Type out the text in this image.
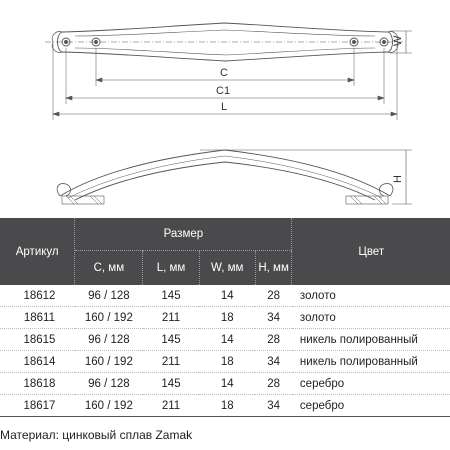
W
C
C1
L
H
Артикул	Размер				Цвет
	C, мм	L, мм	W, мм	H, мм	
18612	96 / 128	145	14	28	золото
18611	160 / 192	211	18	34	золото
18615	96 / 128	145	14	28	никель полированный
18614	160 / 192	211	18	34	никель полированный
18618	96 / 128	145	14	28	серебро
18617	160 / 192	211	18	34	серебро
Материал: цинковый сплав Zamak
